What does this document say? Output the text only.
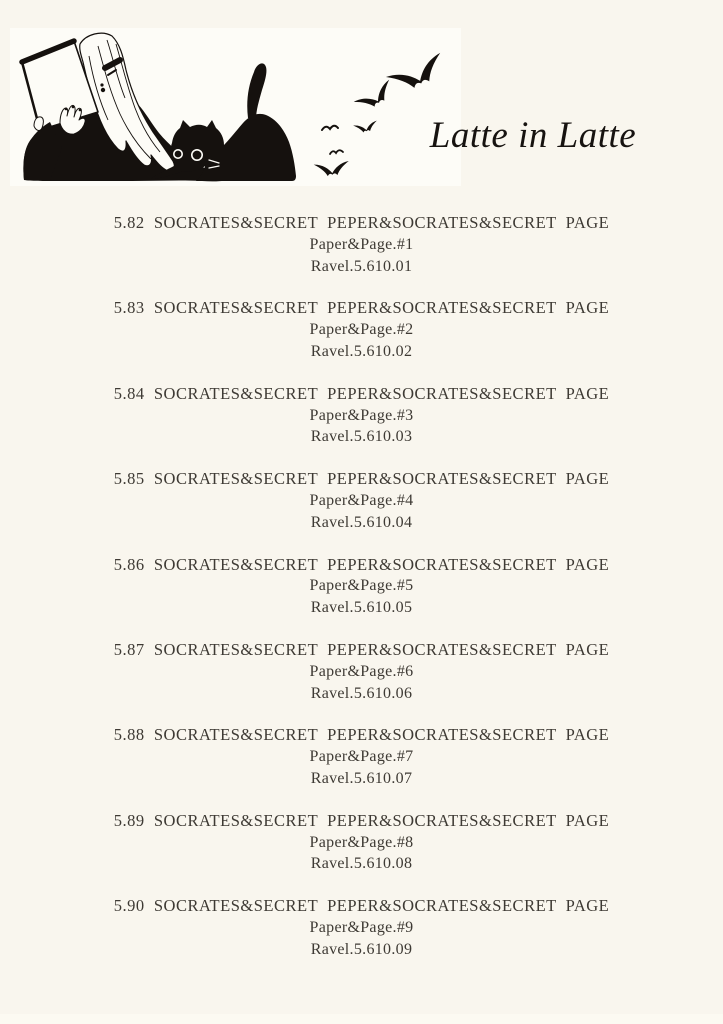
Latte in Latte
5.82  SOCRATES&SECRET  PEPER&SOCRATES&SECRET  PAGE
Paper&Page.#1
Ravel.5.610.01
5.83  SOCRATES&SECRET  PEPER&SOCRATES&SECRET  PAGE
Paper&Page.#2
Ravel.5.610.02
5.84  SOCRATES&SECRET  PEPER&SOCRATES&SECRET  PAGE
Paper&Page.#3
Ravel.5.610.03
5.85  SOCRATES&SECRET  PEPER&SOCRATES&SECRET  PAGE
Paper&Page.#4
Ravel.5.610.04
5.86  SOCRATES&SECRET  PEPER&SOCRATES&SECRET  PAGE
Paper&Page.#5
Ravel.5.610.05
5.87  SOCRATES&SECRET  PEPER&SOCRATES&SECRET  PAGE
Paper&Page.#6
Ravel.5.610.06
5.88  SOCRATES&SECRET  PEPER&SOCRATES&SECRET  PAGE
Paper&Page.#7
Ravel.5.610.07
5.89  SOCRATES&SECRET  PEPER&SOCRATES&SECRET  PAGE
Paper&Page.#8
Ravel.5.610.08
5.90  SOCRATES&SECRET  PEPER&SOCRATES&SECRET  PAGE
Paper&Page.#9
Ravel.5.610.09
